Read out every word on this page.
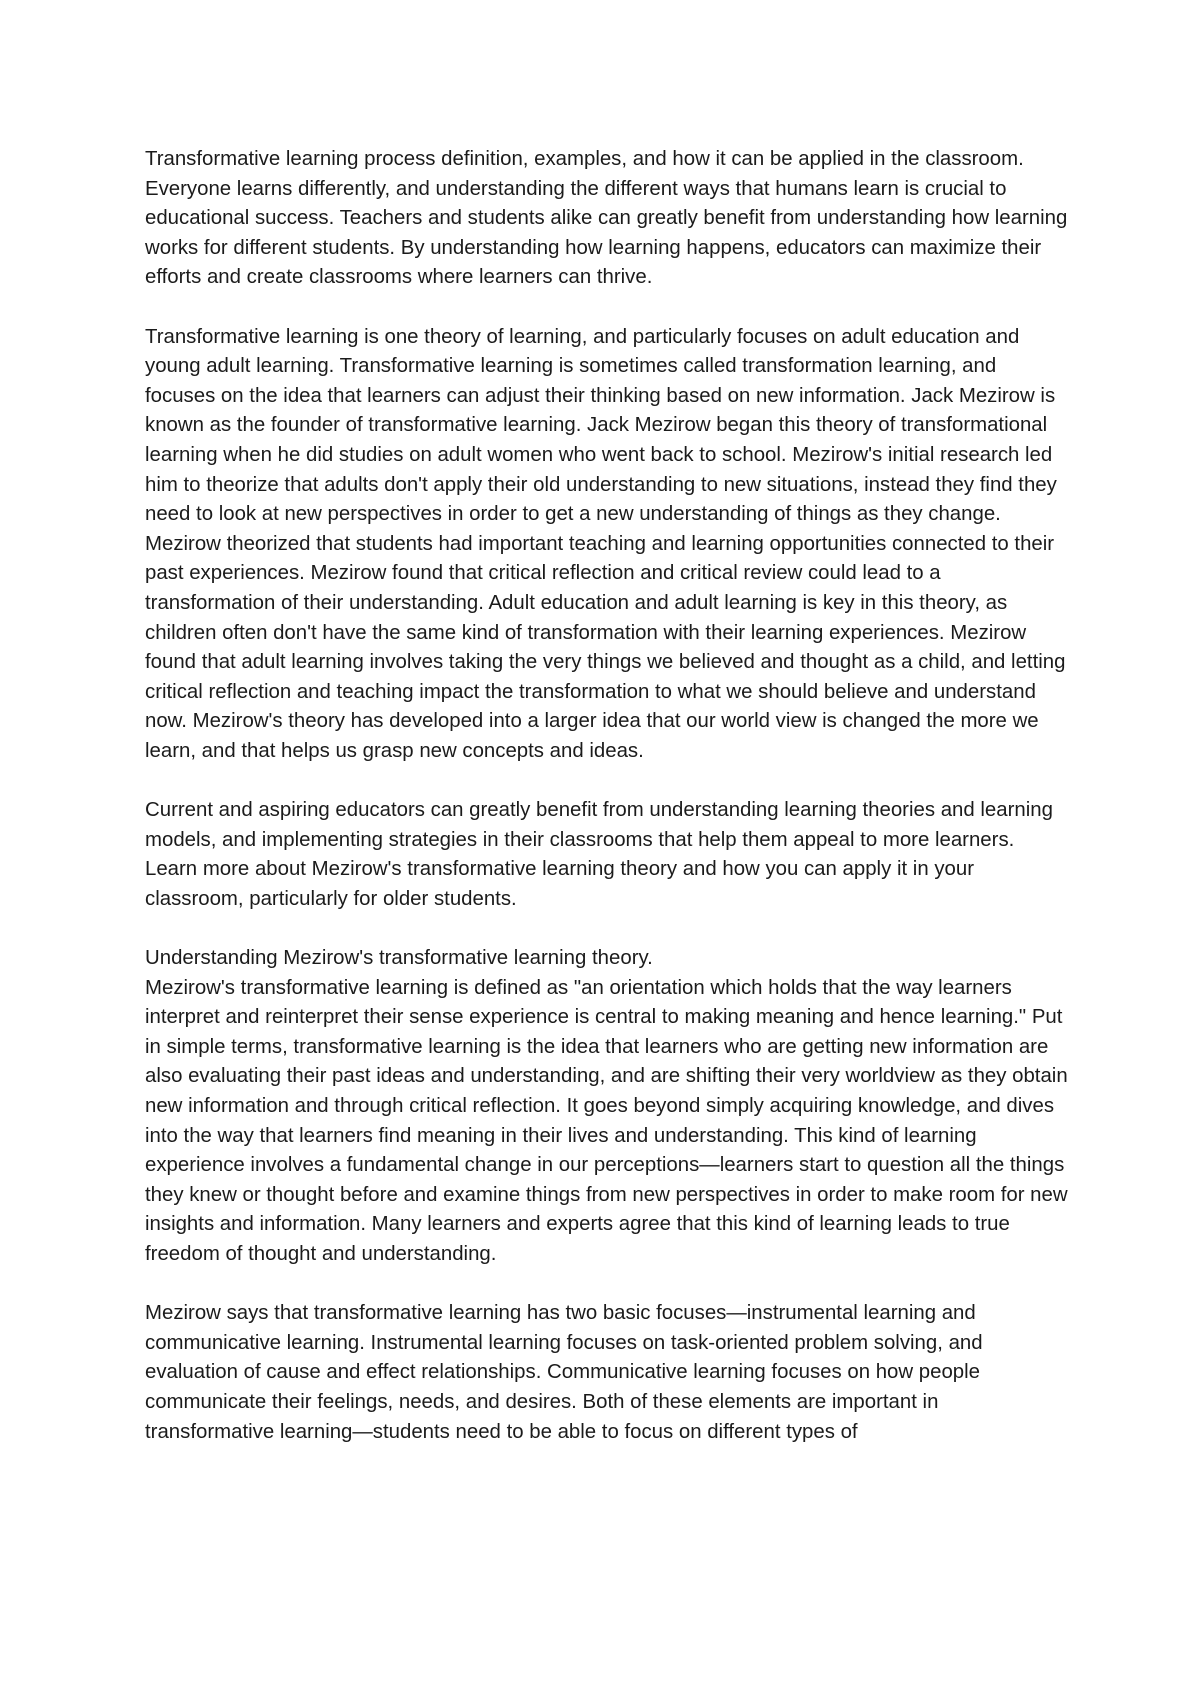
Transformative learning process definition, examples, and how it can be applied in the classroom.

Everyone learns differently, and understanding the different ways that humans learn is crucial to educational success. Teachers and students alike can greatly benefit from understanding how learning works for different students. By understanding how learning happens, educators can maximize their efforts and create classrooms where learners can thrive.

Transformative learning is one theory of learning, and particularly focuses on adult education and young adult learning. Transformative learning is sometimes called transformation learning, and focuses on the idea that learners can adjust their thinking based on new information. Jack Mezirow is known as the founder of transformative learning. Jack Mezirow began this theory of transformational learning when he did studies on adult women who went back to school. Mezirow's initial research led him to theorize that adults don't apply their old understanding to new situations, instead they find they need to look at new perspectives in order to get a new understanding of things as they change. Mezirow theorized that students had important teaching and learning opportunities connected to their past experiences. Mezirow found that critical reflection and critical review could lead to a transformation of their understanding. Adult education and adult learning is key in this theory, as children often don't have the same kind of transformation with their learning experiences. Mezirow found that adult learning involves taking the very things we believed and thought as a child, and letting critical reflection and teaching impact the transformation to what we should believe and understand now. Mezirow's theory has developed into a larger idea that our world view is changed the more we learn, and that helps us grasp new concepts and ideas.

Current and aspiring educators can greatly benefit from understanding learning theories and learning models, and implementing strategies in their classrooms that help them appeal to more learners. Learn more about Mezirow's transformative learning theory and how you can apply it in your classroom, particularly for older students.

Understanding Mezirow's transformative learning theory.

Mezirow's transformative learning is defined as "an orientation which holds that the way learners interpret and reinterpret their sense experience is central to making meaning and hence learning." Put in simple terms, transformative learning is the idea that learners who are getting new information are also evaluating their past ideas and understanding, and are shifting their very worldview as they obtain new information and through critical reflection. It goes beyond simply acquiring knowledge, and dives into the way that learners find meaning in their lives and understanding. This kind of learning experience involves a fundamental change in our perceptions—learners start to question all the things they knew or thought before and examine things from new perspectives in order to make room for new insights and information. Many learners and experts agree that this kind of learning leads to true freedom of thought and understanding.

Mezirow says that transformative learning has two basic focuses—instrumental learning and communicative learning. Instrumental learning focuses on task-oriented problem solving, and evaluation of cause and effect relationships. Communicative learning focuses on how people communicate their feelings, needs, and desires. Both of these elements are important in transformative learning—students need to be able to focus on different types of
